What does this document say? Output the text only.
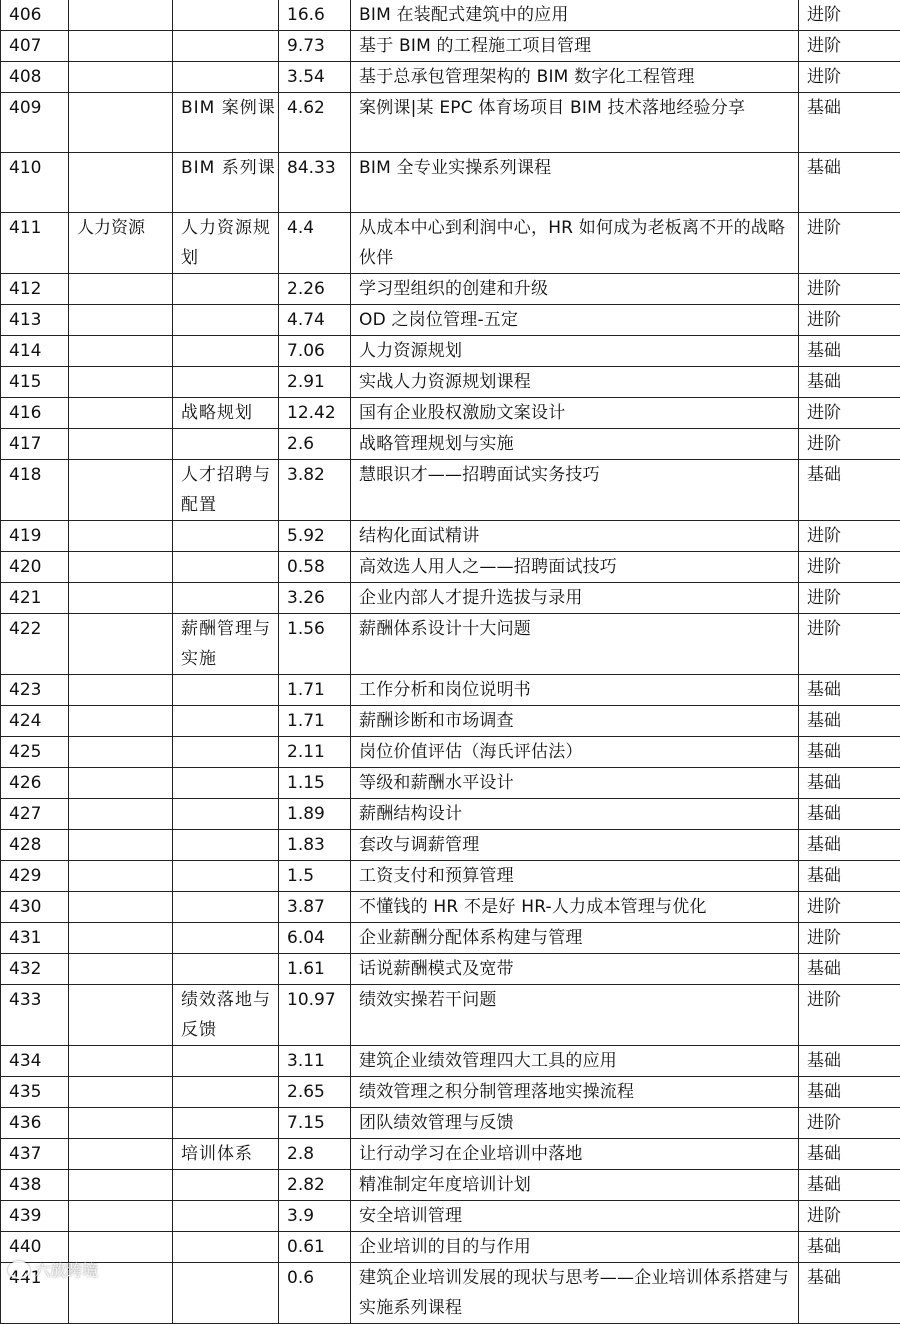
406			16.6	BIM 在装配式建筑中的应用	进阶
407			9.73	基于 BIM 的工程施工项目管理	进阶
408			3.54	基于总承包管理架构的 BIM 数字化工程管理	进阶
409		BIM 案例课	4.62	案例课|某 EPC 体育场项目 BIM 技术落地经验分享	基础
410		BIM 系列课	84.33	BIM 全专业实操系列课程	基础
411	人力资源	人力资源规划	4.4	从成本中心到利润中心，HR 如何成为老板离不开的战略伙伴	进阶
412			2.26	学习型组织的创建和升级	进阶
413			4.74	OD 之岗位管理-五定	进阶
414			7.06	人力资源规划	基础
415			2.91	实战人力资源规划课程	基础
416		战略规划	12.42	国有企业股权激励文案设计	进阶
417			2.6	战略管理规划与实施	进阶
418		人才招聘与配置	3.82	慧眼识才——招聘面试实务技巧	基础
419			5.92	结构化面试精讲	进阶
420			0.58	高效选人用人之——招聘面试技巧	进阶
421			3.26	企业内部人才提升选拔与录用	进阶
422		薪酬管理与实施	1.56	薪酬体系设计十大问题	进阶
423			1.71	工作分析和岗位说明书	基础
424			1.71	薪酬诊断和市场调查	基础
425			2.11	岗位价值评估（海氏评估法）	基础
426			1.15	等级和薪酬水平设计	基础
427			1.89	薪酬结构设计	基础
428			1.83	套改与调薪管理	基础
429			1.5	工资支付和预算管理	基础
430			3.87	不懂钱的 HR 不是好 HR-人力成本管理与优化	进阶
431			6.04	企业薪酬分配体系构建与管理	进阶
432			1.61	话说薪酬模式及宽带	基础
433		绩效落地与反馈	10.97	绩效实操若干问题	进阶
434			3.11	建筑企业绩效管理四大工具的应用	基础
435			2.65	绩效管理之积分制管理落地实操流程	基础
436			7.15	团队绩效管理与反馈	进阶
437		培训体系	2.8	让行动学习在企业培训中落地	基础
438			2.82	精准制定年度培训计划	基础
439			3.9	安全培训管理	进阶
440			0.61	企业培训的目的与作用	基础
441			0.6	建筑企业培训发展的现状与思考——企业培训体系搭建与实施系列课程	基础
六放跨境
